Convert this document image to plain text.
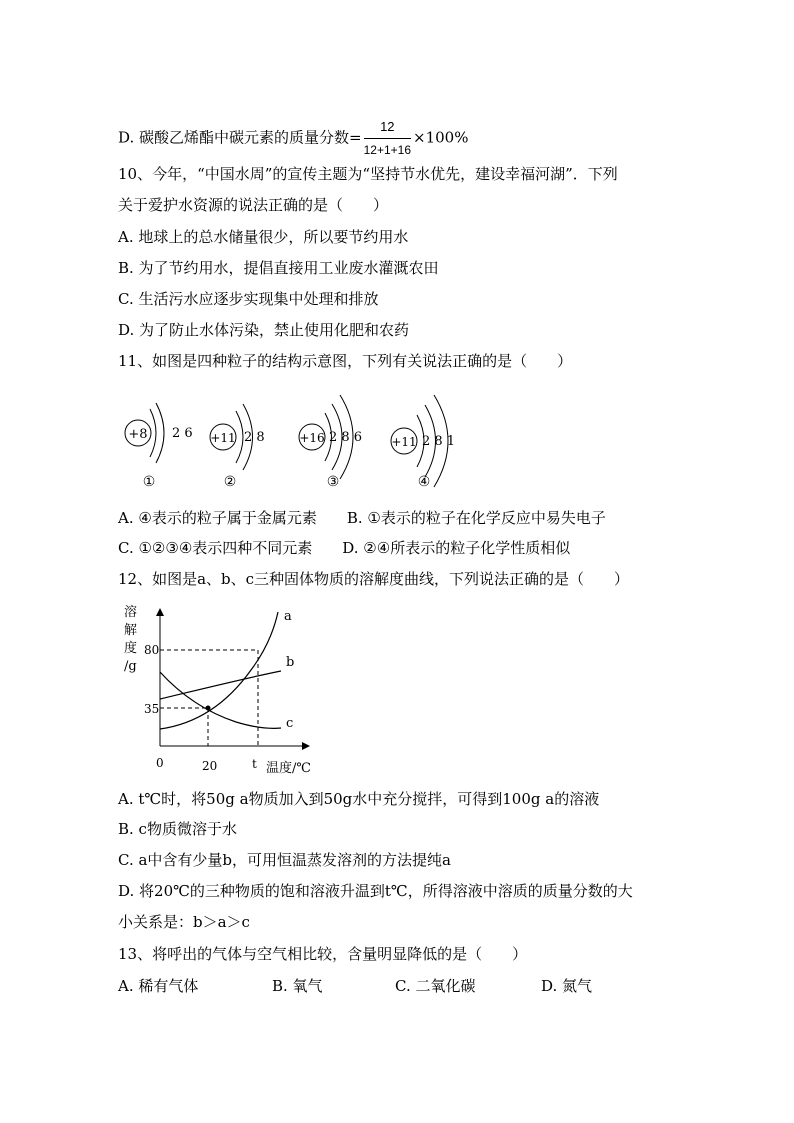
D. 碳酸乙烯酯中碳元素的质量分数= $\frac{12}{12+1+16} \times 100\%$
10、今年，“中国水周”的宣传主题为“坚持节水优先，建设幸福河湖”．下列
关于爱护水资源的说法正确的是（　　）
A. 地球上的总水储量很少，所以要节约用水
B. 为了节约用水，提倡直接用工业废水灌溉农田
C. 生活污水应逐步实现集中处理和排放
D. 为了防止水体污染，禁止使用化肥和农药
11、如图是四种粒子的结构示意图，下列有关说法正确的是（　　）
+8 2 6
①
+11 2 8
②
+16 2 8 6
③
+11 2 8 1
④
A. ④表示的粒子属于金属元素　　B. ①表示的粒子在化学反应中易失电子
C. ①②③④表示四种不同元素　　D. ②④所表示的粒子化学性质相似
12、如图是a、b、c三种固体物质的溶解度曲线，下列说法正确的是（　　）
溶
解
度
/g
80
35
0	20	t 温度/℃
a
b
c
A. t℃时，将50g a物质加入到50g水中充分搅拌，可得到100g a的溶液
B. c物质微溶于水
C. a中含有少量b，可用恒温蒸发溶剂的方法提纯a
D. 将20℃的三种物质的饱和溶液升温到t℃，所得溶液中溶质的质量分数的大
小关系是：b＞a＞c
13、将呼出的气体与空气相比较，含量明显降低的是（　　）
A. 稀有气体	B. 氧气	C. 二氧化碳	D. 氮气
